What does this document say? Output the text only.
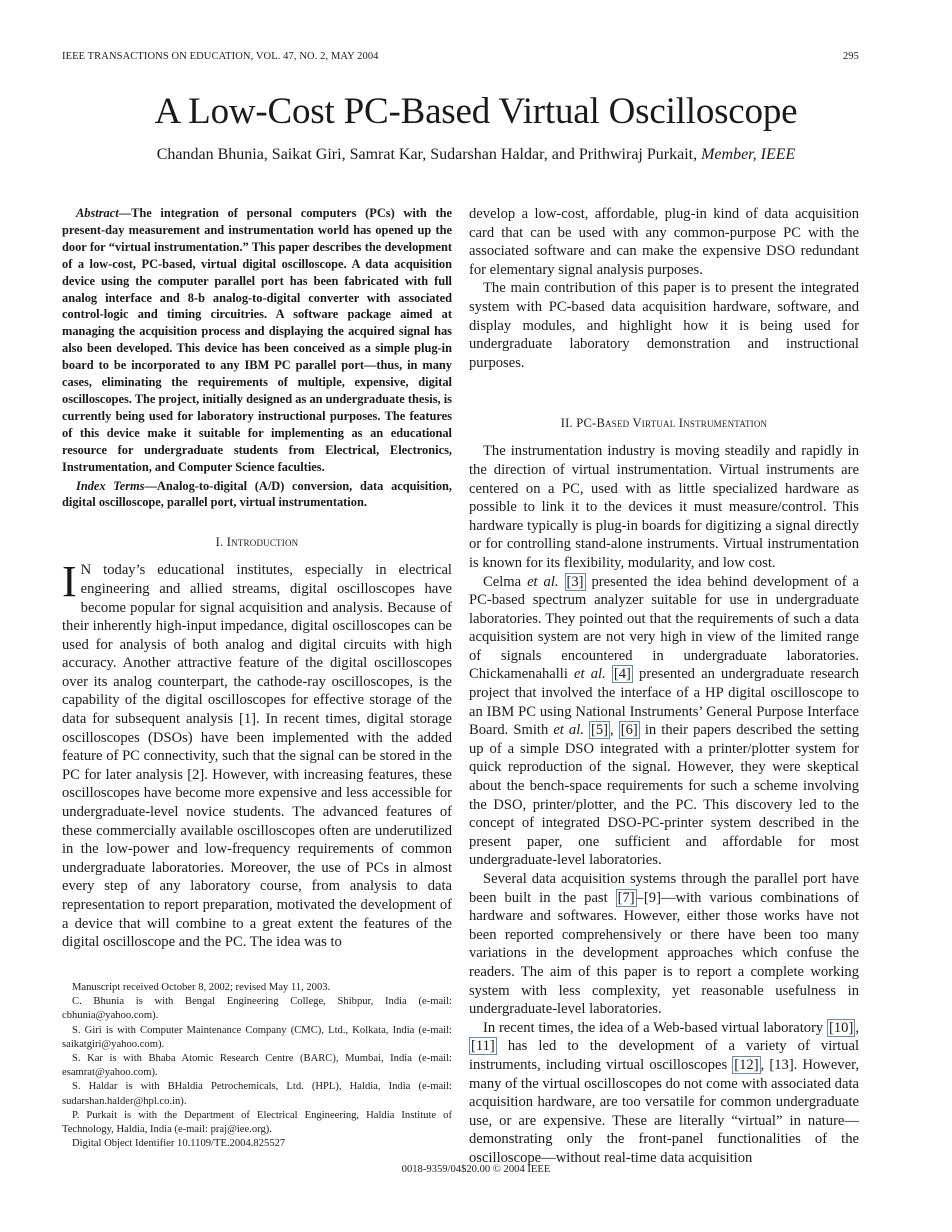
IEEE TRANSACTIONS ON EDUCATION, VOL. 47, NO. 2, MAY 2004	295
A Low-Cost PC-Based Virtual Oscilloscope
Chandan Bhunia, Saikat Giri, Samrat Kar, Sudarshan Haldar, and Prithwiraj Purkait, Member, IEEE

Abstract—The integration of personal computers (PCs) with the present-day measurement and instrumentation world has opened up the door for “virtual instrumentation.” This paper describes the development of a low-cost, PC-based, virtual digital oscilloscope. A data acquisition device using the computer parallel port has been fabricated with full analog interface and 8-b analog-to-digital converter with associated control-logic and timing circuitries. A software package aimed at managing the acquisition process and displaying the acquired signal has also been developed. This device has been conceived as a simple plug-in board to be incorporated to any IBM PC parallel port—thus, in many cases, eliminating the requirements of multiple, expensive, digital oscilloscopes. The project, initially designed as an undergraduate thesis, is currently being used for laboratory instructional purposes. The features of this device make it suitable for implementing as an educational resource for undergraduate students from Electrical, Electronics, Instrumentation, and Computer Science faculties.

Index Terms—Analog-to-digital (A/D) conversion, data acquisition, digital oscilloscope, parallel port, virtual instrumentation.

I. Introduction

I N today’s educational institutes, especially in electrical engineering and allied streams, digital oscilloscopes have become popular for signal acquisition and analysis. Because of their inherently high-input impedance, digital oscilloscopes can be used for analysis of both analog and digital circuits with high accuracy. Another attractive feature of the digital oscilloscopes over its analog counterpart, the cathode-ray oscilloscopes, is the capability of the digital oscilloscopes for effective storage of the data for subsequent analysis [1]. In recent times, digital storage oscilloscopes (DSOs) have been implemented with the added feature of PC connectivity, such that the signal can be stored in the PC for later analysis [2]. However, with increasing features, these oscilloscopes have become more expensive and less accessible for undergraduate-level novice students. The advanced features of these commercially available oscilloscopes often are underutilized in the low-power and low-frequency requirements of common undergraduate laboratories. Moreover, the use of PCs in almost every step of any laboratory course, from analysis to data representation to report preparation, motivated the development of a device that will combine to a great extent the features of the digital oscilloscope and the PC. The idea was to

develop a low-cost, affordable, plug-in kind of data acquisition card that can be used with any common-purpose PC with the associated software and can make the expensive DSO redundant for elementary signal analysis purposes.

The main contribution of this paper is to present the integrated system with PC-based data acquisition hardware, software, and display modules, and highlight how it is being used for undergraduate laboratory demonstration and instructional purposes.

II. PC-Based Virtual Instrumentation

The instrumentation industry is moving steadily and rapidly in the direction of virtual instrumentation. Virtual instruments are centered on a PC, used with as little specialized hardware as possible to link it to the devices it must measure/control. This hardware typically is plug-in boards for digitizing a signal directly or for controlling stand-alone instruments. Virtual instrumentation is known for its flexibility, modularity, and low cost.

Celma et al. [3] presented the idea behind development of a PC-based spectrum analyzer suitable for use in undergraduate laboratories. They pointed out that the requirements of such a data acquisition system are not very high in view of the limited range of signals encountered in undergraduate laboratories. Chickamenahalli et al. [4] presented an undergraduate research project that involved the interface of a HP digital oscilloscope to an IBM PC using National Instruments’ General Purpose Interface Board. Smith et al. [5] , [6] in their papers described the setting up of a simple DSO integrated with a printer/plotter system for quick reproduction of the signal. However, they were skeptical about the bench-space requirements for such a scheme involving the DSO, printer/plotter, and the PC. This discovery led to the concept of integrated DSO-PC-printer system described in the present paper, one sufficient and affordable for most undergraduate-level laboratories.

Several data acquisition systems through the parallel port have been built in the past [7] –[9]—with various combinations of hardware and softwares. However, either those works have not been reported comprehensively or there have been too many variations in the development approaches which confuse the readers. The aim of this paper is to report a complete working system with less complexity, yet reasonable usefulness in undergraduate-level laboratories.

In recent times, the idea of a Web-based virtual laboratory [10] , [11] has led to the development of a variety of virtual instruments, including virtual oscilloscopes [12] , [13]. However, many of the virtual oscilloscopes do not come with associated data acquisition hardware, are too versatile for common undergraduate use, or are expensive. These are literally “virtual” in nature—demonstrating only the front-panel functionalities of the oscilloscope—without real-time data acquisition

Manuscript received October 8, 2002; revised May 11, 2003.

C. Bhunia is with Bengal Engineering College, Shibpur, India (e-mail: cbhunia@yahoo.com).

S. Giri is with Computer Maintenance Company (CMC), Ltd., Kolkata, India (e-mail: saikatgiri@yahoo.com).

S. Kar is with Bhaba Atomic Research Centre (BARC), Mumbai, India (e-mail: esamrat@yahoo.com).

S. Haldar is with BHaldia Petrochemicals, Ltd. (HPL), Haldia, India (e-mail: sudarshan.halder@hpl.co.in).

P. Purkait is with the Department of Electrical Engineering, Haldia Institute of Technology, Haldia, India (e-mail: praj@iee.org).

Digital Object Identifier 10.1109/TE.2004.825527

0018-9359/04$20.00 © 2004 IEEE
